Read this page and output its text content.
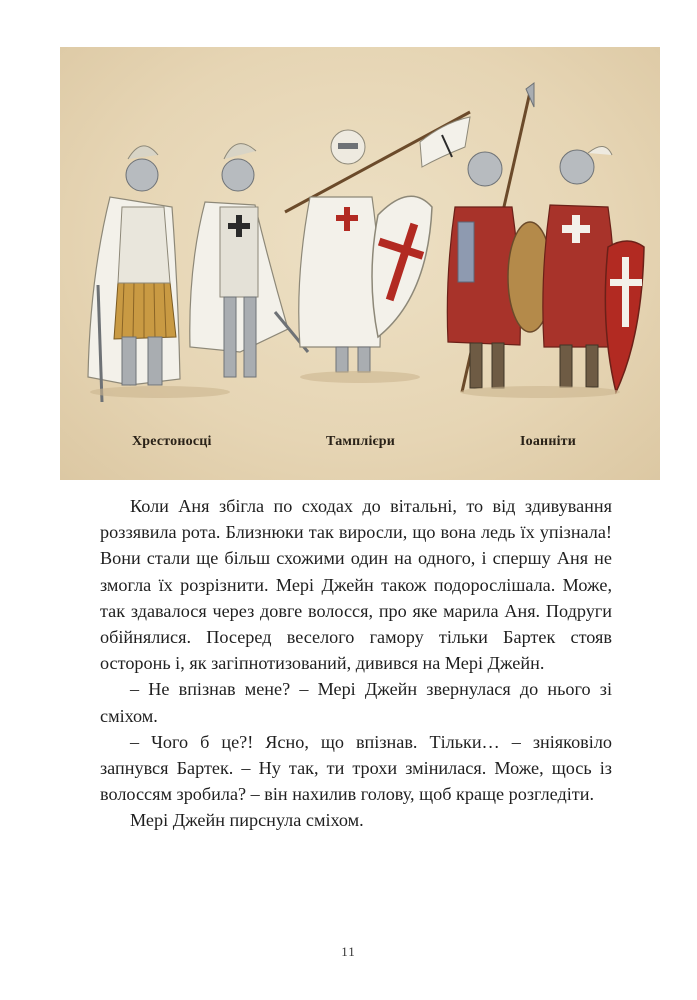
Хрестоносці	Тамплієри	Іоанніти

Коли Аня збігла по сходах до вітальні, то від здивування роззявила рота. Близнюки так виросли, що вона ледь їх упізнала! Вони стали ще більш схожими один на одного, і спершу Аня не змогла їх розрізнити. Мері Джейн також подорослішала. Може, так здавалося через довге волосся, про яке марила Аня. Подруги обійнялися. Посеред веселого гамору тільки Бартек стояв осторонь і, як загіпнотизований, дивився на Мері Джейн.

– Не впізнав мене? – Мері Джейн звернулася до нього зі сміхом.

– Чого б це?! Ясно, що впізнав. Тільки… – зніяковіло запнувся Бартек. – Ну так, ти трохи змінилася. Може, щось із волоссям зробила? – він нахилив голову, щоб краще розгледіти.

Мері Джейн пирснула сміхом.

11
